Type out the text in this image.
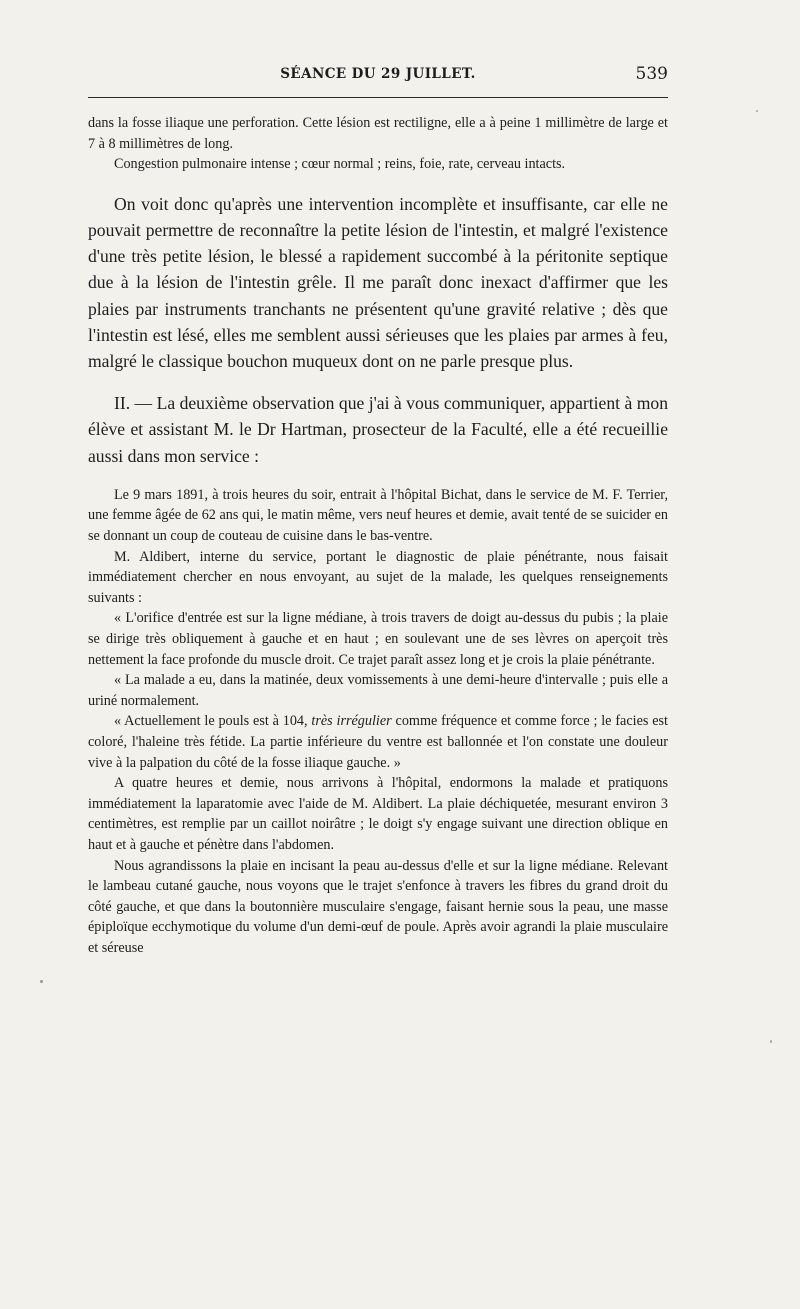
SÉANCE DU 29 JUILLET.	539

dans la fosse iliaque une perforation. Cette lésion est rectiligne, elle a à peine 1 millimètre de large et 7 à 8 millimètres de long.

Congestion pulmonaire intense ; cœur normal ; reins, foie, rate, cerveau intacts.

On voit donc qu'après une intervention incomplète et insuffisante, car elle ne pouvait permettre de reconnaître la petite lésion de l'intestin, et malgré l'existence d'une très petite lésion, le blessé a rapidement succombé à la péritonite septique due à la lésion de l'intestin grêle. Il me paraît donc inexact d'affirmer que les plaies par instruments tranchants ne présentent qu'une gravité relative ; dès que l'intestin est lésé, elles me semblent aussi sérieuses que les plaies par armes à feu, malgré le classique bouchon muqueux dont on ne parle presque plus.

II. — La deuxième observation que j'ai à vous communiquer, appartient à mon élève et assistant M. le Dr Hartman, prosecteur de la Faculté, elle a été recueillie aussi dans mon service :

Le 9 mars 1891, à trois heures du soir, entrait à l'hôpital Bichat, dans le service de M. F. Terrier, une femme âgée de 62 ans qui, le matin même, vers neuf heures et demie, avait tenté de se suicider en se donnant un coup de couteau de cuisine dans le bas-ventre.

M. Aldibert, interne du service, portant le diagnostic de plaie pénétrante, nous faisait immédiatement chercher en nous envoyant, au sujet de la malade, les quelques renseignements suivants :

« L'orifice d'entrée est sur la ligne médiane, à trois travers de doigt au-dessus du pubis ; la plaie se dirige très obliquement à gauche et en haut ; en soulevant une de ses lèvres on aperçoit très nettement la face profonde du muscle droit. Ce trajet paraît assez long et je crois la plaie pénétrante.

« La malade a eu, dans la matinée, deux vomissements à une demi-heure d'intervalle ; puis elle a uriné normalement.

« Actuellement le pouls est à 104, très irrégulier comme fréquence et comme force ; le facies est coloré, l'haleine très fétide. La partie inférieure du ventre est ballonnée et l'on constate une douleur vive à la palpation du côté de la fosse iliaque gauche. »

A quatre heures et demie, nous arrivons à l'hôpital, endormons la malade et pratiquons immédiatement la laparatomie avec l'aide de M. Aldibert. La plaie déchiquetée, mesurant environ 3 centimètres, est remplie par un caillot noirâtre ; le doigt s'y engage suivant une direction oblique en haut et à gauche et pénètre dans l'abdomen.

Nous agrandissons la plaie en incisant la peau au-dessus d'elle et sur la ligne médiane. Relevant le lambeau cutané gauche, nous voyons que le trajet s'enfonce à travers les fibres du grand droit du côté gauche, et que dans la boutonnière musculaire s'engage, faisant hernie sous la peau, une masse épiploïque ecchymotique du volume d'un demi-œuf de poule. Après avoir agrandi la plaie musculaire et séreuse
